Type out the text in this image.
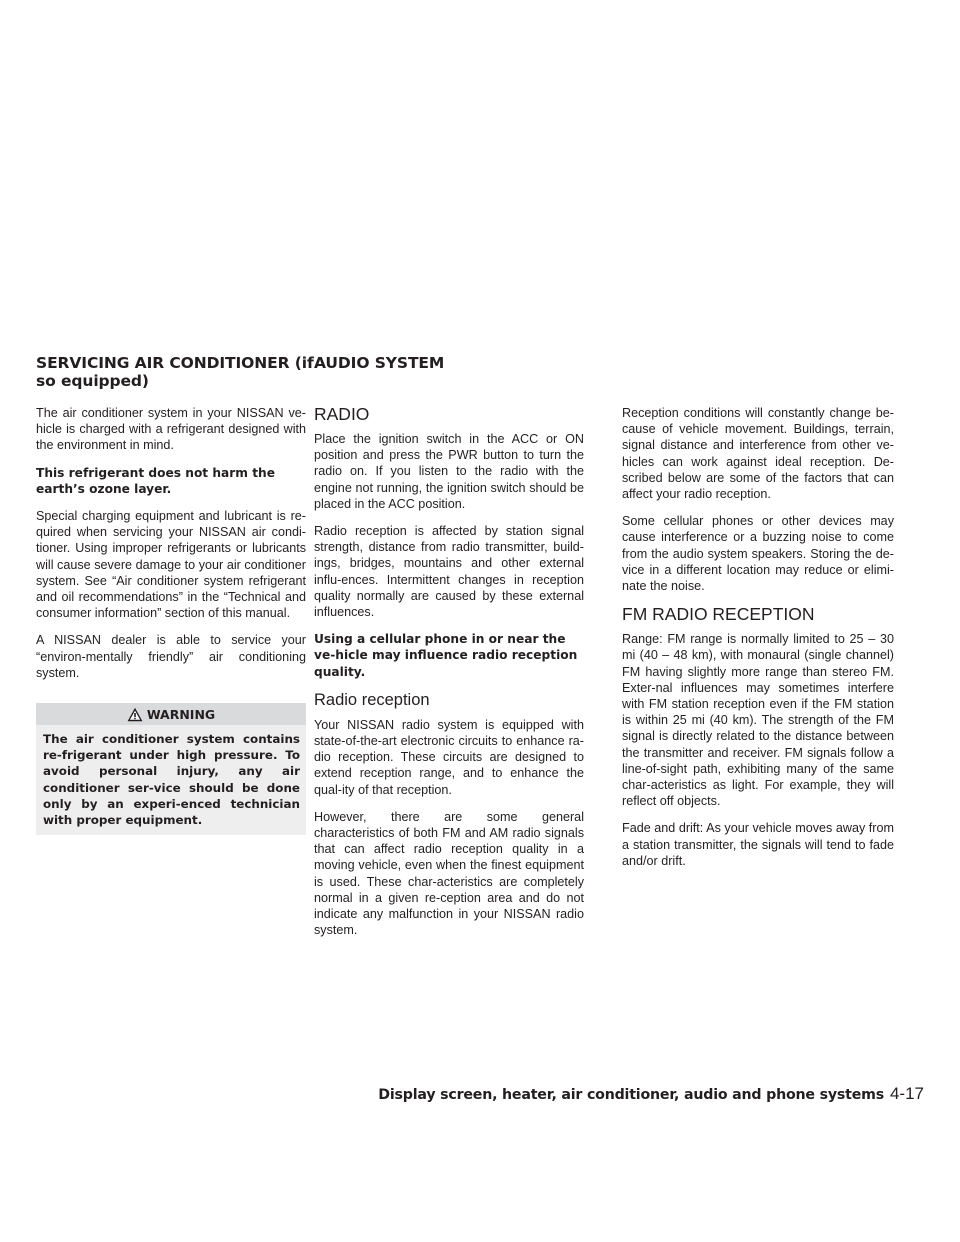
SERVICING AIR CONDITIONER (if so equipped)
AUDIO SYSTEM

The air conditioner system in your NISSAN ve-hicle is charged with a refrigerant designed with the environment in mind.

This refrigerant does not harm the earth’s ozone layer.

Special charging equipment and lubricant is re-quired when servicing your NISSAN air condi-tioner. Using improper refrigerants or lubricants will cause severe damage to your air conditioner system. See “Air conditioner system refrigerant and oil recommendations” in the “Technical and consumer information” section of this manual.

A NISSAN dealer is able to service your “environ-mentally friendly” air conditioning system.

WARNING
The air conditioner system contains re-frigerant under high pressure. To avoid personal injury, any air conditioner ser-vice should be done only by an experi-enced technician with proper equipment.
RADIO

Place the ignition switch in the ACC or ON position and press the PWR button to turn the radio on. If you listen to the radio with the engine not running, the ignition switch should be placed in the ACC position.

Radio reception is affected by station signal strength, distance from radio transmitter, build-ings, bridges, mountains and other external influ-ences. Intermittent changes in reception quality normally are caused by these external influences.

Using a cellular phone in or near the ve-hicle may influence radio reception quality.

Radio reception

Your NISSAN radio system is equipped with state-of-the-art electronic circuits to enhance ra-dio reception. These circuits are designed to extend reception range, and to enhance the qual-ity of that reception.

However, there are some general characteristics of both FM and AM radio signals that can affect radio reception quality in a moving vehicle, even when the finest equipment is used. These char-acteristics are completely normal in a given re-ception area and do not indicate any malfunction in your NISSAN radio system.

Reception conditions will constantly change be-cause of vehicle movement. Buildings, terrain, signal distance and interference from other ve-hicles can work against ideal reception. De-scribed below are some of the factors that can affect your radio reception.

Some cellular phones or other devices may cause interference or a buzzing noise to come from the audio system speakers. Storing the de-vice in a different location may reduce or elimi-nate the noise.

FM RADIO RECEPTION

Range: FM range is normally limited to 25 – 30 mi (40 – 48 km), with monaural (single channel) FM having slightly more range than stereo FM. Exter-nal influences may sometimes interfere with FM station reception even if the FM station is within 25 mi (40 km). The strength of the FM signal is directly related to the distance between the transmitter and receiver. FM signals follow a line-of-sight path, exhibiting many of the same char-acteristics as light. For example, they will reflect off objects.

Fade and drift: As your vehicle moves away from a station transmitter, the signals will tend to fade and/or drift.

Display screen, heater, air conditioner, audio and phone systems 4-17
